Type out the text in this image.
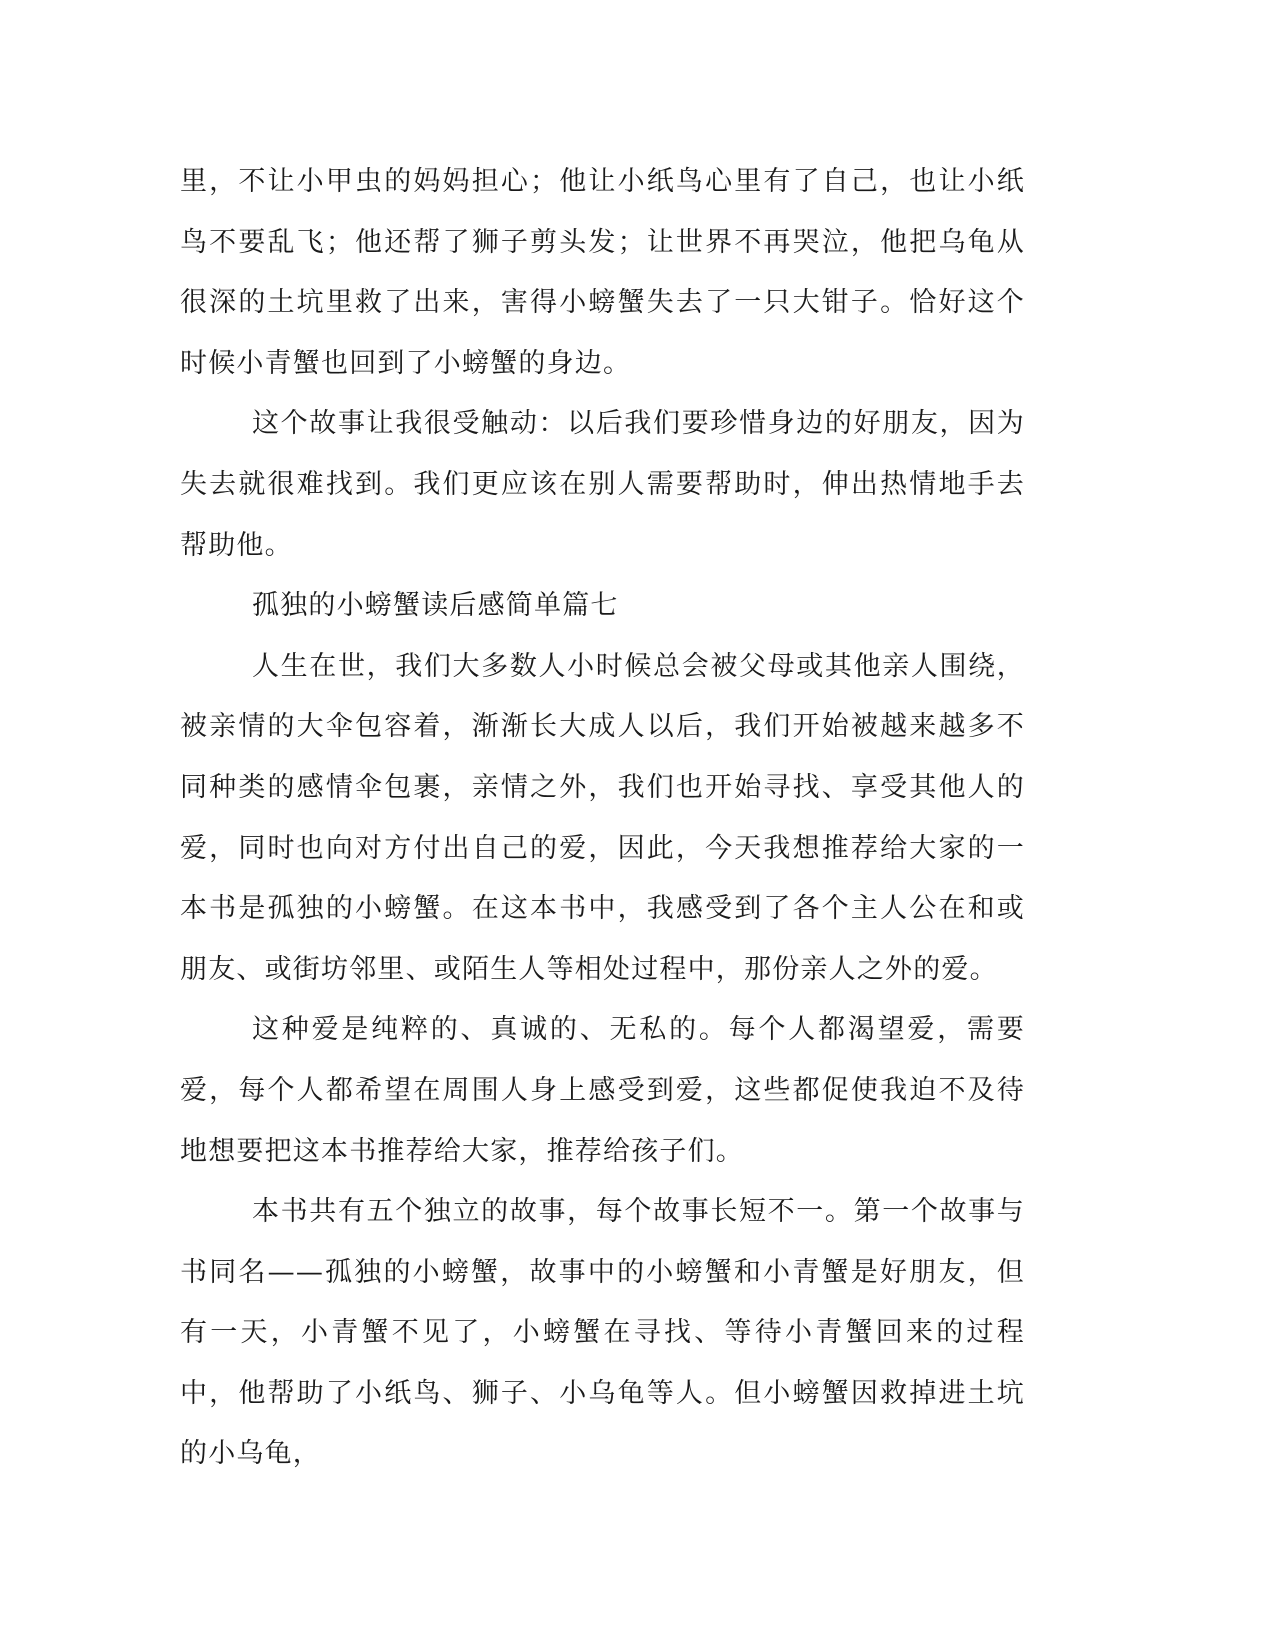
里，不让小甲虫的妈妈担心；他让小纸鸟心里有了自己，也让小纸鸟不要乱飞；他还帮了狮子剪头发；让世界不再哭泣，他把乌龟从很深的土坑里救了出来，害得小螃蟹失去了一只大钳子。恰好这个时候小青蟹也回到了小螃蟹的身边。

这个故事让我很受触动：以后我们要珍惜身边的好朋友，因为失去就很难找到。我们更应该在别人需要帮助时，伸出热情地手去帮助他。

孤独的小螃蟹读后感简单篇七

人生在世，我们大多数人小时候总会被父母或其他亲人围绕，被亲情的大伞包容着，渐渐长大成人以后，我们开始被越来越多不同种类的感情伞包裹，亲情之外，我们也开始寻找、享受其他人的爱，同时也向对方付出自己的爱，因此，今天我想推荐给大家的一本书是孤独的小螃蟹。在这本书中，我感受到了各个主人公在和或朋友、或街坊邻里、或陌生人等相处过程中，那份亲人之外的爱。

这种爱是纯粹的、真诚的、无私的。每个人都渴望爱，需要爱，每个人都希望在周围人身上感受到爱，这些都促使我迫不及待地想要把这本书推荐给大家，推荐给孩子们。

本书共有五个独立的故事，每个故事长短不一。第一个故事与书同名——孤独的小螃蟹，故事中的小螃蟹和小青蟹是好朋友，但有一天，小青蟹不见了，小螃蟹在寻找、等待小青蟹回来的过程中，他帮助了小纸鸟、狮子、小乌龟等人。但小螃蟹因救掉进土坑的小乌龟，
